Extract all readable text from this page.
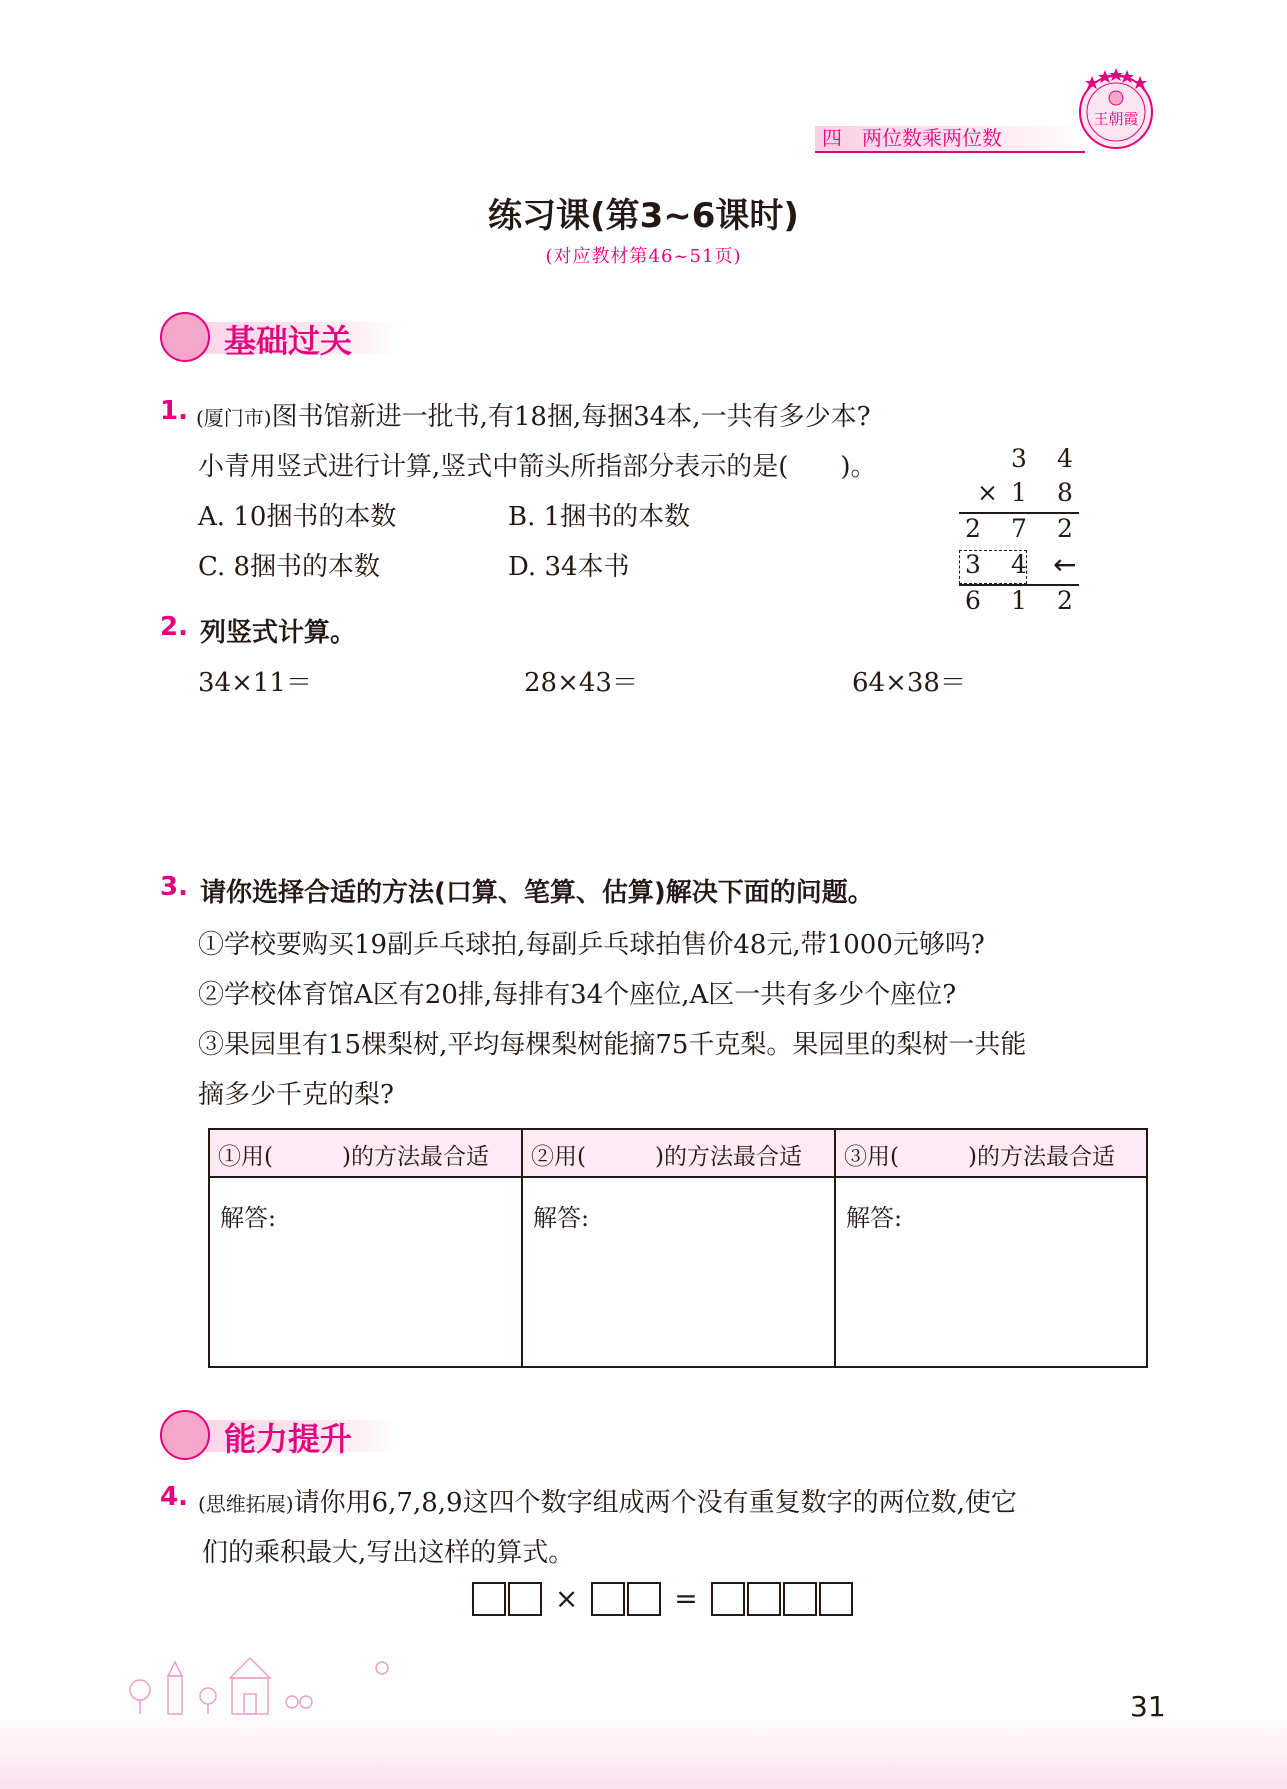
四　两位数乘两位数
王朝霞
练习课(第3~6课时)
(对应教材第46~51页)
基础过关
1. (厦门市)图书馆新进一批书,有18捆,每捆34本,一共有多少本?
小青用竖式进行计算,竖式中箭头所指部分表示的是(　　)。
A. 10捆书的本数	B. 1捆书的本数
C. 8捆书的本数	D. 34本书
3 4
× 1 8
2 7 2
3 4 ←
6 1 2
2. 列竖式计算。
34×11＝	28×43＝	64×38＝
3. 请你选择合适的方法(口算、笔算、估算)解决下面的问题。
①学校要购买19副乒乓球拍,每副乒乓球拍售价48元,带1000元够吗?
②学校体育馆A区有20排,每排有34个座位,A区一共有多少个座位?
③果园里有15棵梨树,平均每棵梨树能摘75千克梨。果园里的梨树一共能
摘多少千克的梨?
①用(　　　)的方法最合适 ②用(　　　)的方法最合适 ③用(　　　)的方法最合适
解答:	解答:	解答:
能力提升
4. (思维拓展)请你用6,7,8,9这四个数字组成两个没有重复数字的两位数,使它
们的乘积最大,写出这样的算式。
×	=
31
